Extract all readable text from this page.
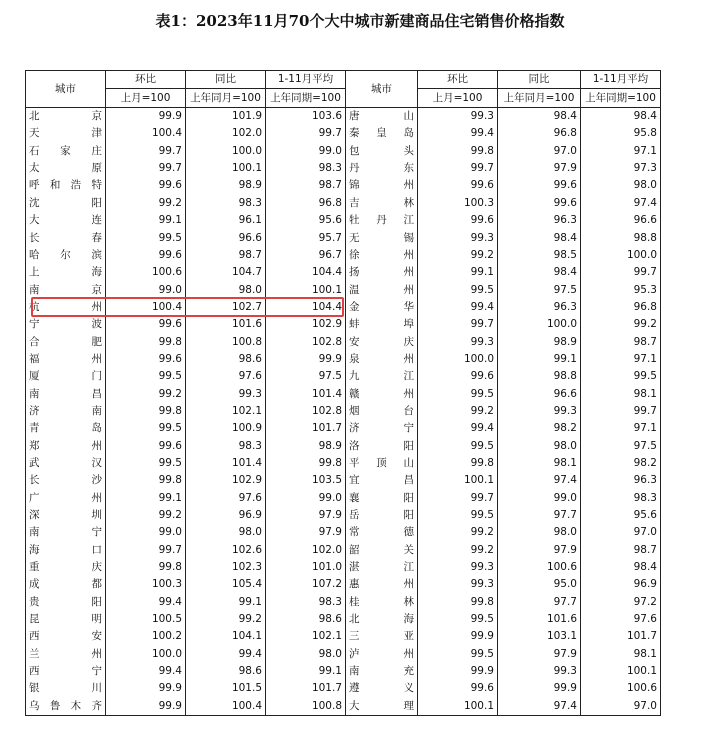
表1：2023年11月70个大中城市新建商品住宅销售价格指数
城市	环比	同比	1-11月平均	城市	环比	同比	1-11月平均
	上月=100	上年同月=100	上年同期=100		上月=100	上年同月=100	上年同期=100
北京	99.9	101.9	103.6	唐山	99.3	98.4	98.4
天津	100.4	102.0	99.7	秦皇岛	99.4	96.8	95.8
石家庄	99.7	100.0	99.0	包头	99.8	97.0	97.1
太原	99.7	100.1	98.3	丹东	99.7	97.9	97.3
呼和浩特	99.6	98.9	98.7	锦州	99.6	99.6	98.0
沈阳	99.2	98.3	96.8	吉林	100.3	99.6	97.4
大连	99.1	96.1	95.6	牡丹江	99.6	96.3	96.6
长春	99.5	96.6	95.7	无锡	99.3	98.4	98.8
哈尔滨	99.6	98.7	96.7	徐州	99.2	98.5	100.0
上海	100.6	104.7	104.4	扬州	99.1	98.4	99.7
南京	99.0	98.0	100.1	温州	99.5	97.5	95.3
杭州	100.4	102.7	104.4	金华	99.4	96.3	96.8
宁波	99.6	101.6	102.9	蚌埠	99.7	100.0	99.2
合肥	99.8	100.8	102.8	安庆	99.3	98.9	98.7
福州	99.6	98.6	99.9	泉州	100.0	99.1	97.1
厦门	99.5	97.6	97.5	九江	99.6	98.8	99.5
南昌	99.2	99.3	101.4	赣州	99.5	96.6	98.1
济南	99.8	102.1	102.8	烟台	99.2	99.3	99.7
青岛	99.5	100.9	101.7	济宁	99.4	98.2	97.1
郑州	99.6	98.3	98.9	洛阳	99.5	98.0	97.5
武汉	99.5	101.4	99.8	平顶山	99.8	98.1	98.2
长沙	99.8	102.9	103.5	宜昌	100.1	97.4	96.3
广州	99.1	97.6	99.0	襄阳	99.7	99.0	98.3
深圳	99.2	96.9	97.9	岳阳	99.5	97.7	95.6
南宁	99.0	98.0	97.9	常德	99.2	98.0	97.0
海口	99.7	102.6	102.0	韶关	99.2	97.9	98.7
重庆	99.8	102.3	101.0	湛江	99.3	100.6	98.4
成都	100.3	105.4	107.2	惠州	99.3	95.0	96.9
贵阳	99.4	99.1	98.3	桂林	99.8	97.7	97.2
昆明	100.5	99.2	98.6	北海	99.5	101.6	97.6
西安	100.2	104.1	102.1	三亚	99.9	103.1	101.7
兰州	100.0	99.4	98.0	泸州	99.5	97.9	98.1
西宁	99.4	98.6	99.1	南充	99.9	99.3	100.1
银川	99.9	101.5	101.7	遵义	99.6	99.9	100.6
乌鲁木齐	99.9	100.4	100.8	大理	100.1	97.4	97.0
